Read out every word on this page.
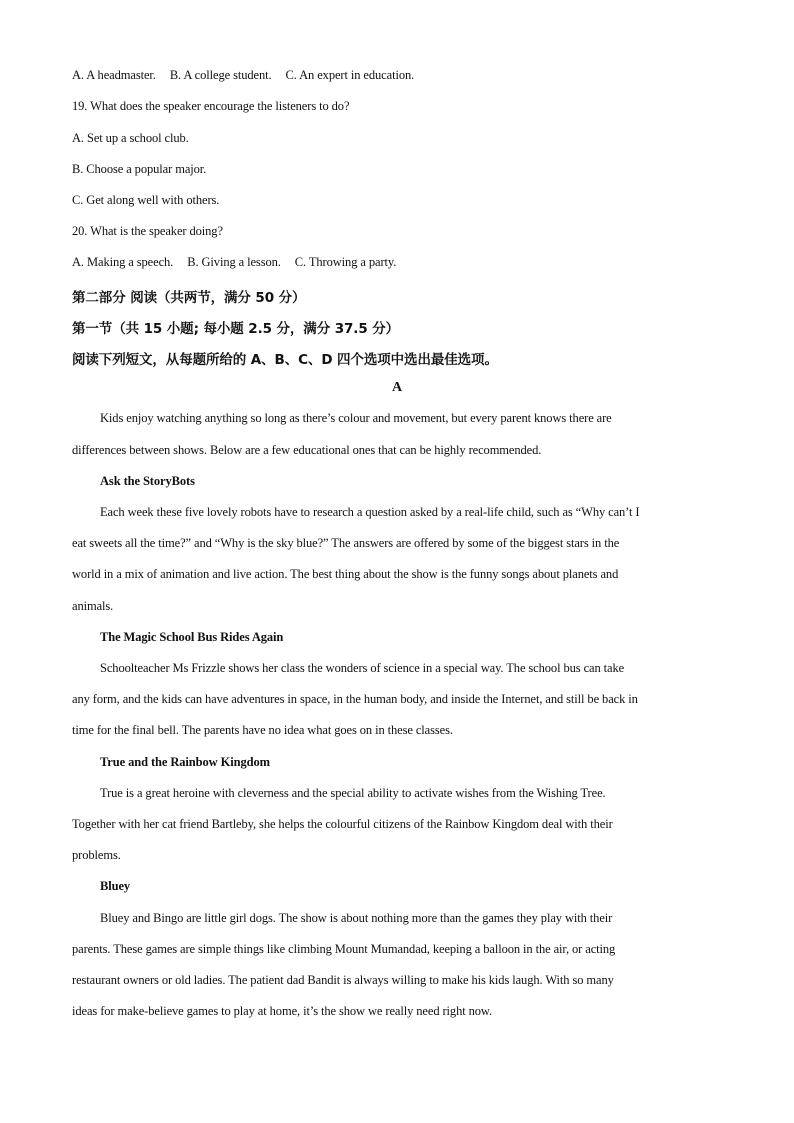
A. A headmaster. B. A college student. C. An expert in education.
19. What does the speaker encourage the listeners to do?
A. Set up a school club.
B. Choose a popular major.
C. Get along well with others.
20. What is the speaker doing?
A. Making a speech. B. Giving a lesson. C. Throwing a party.
第二部分 阅读（共两节，满分 50 分）
第一节（共 15 小题; 每小题 2.5 分，满分 37.5 分）
阅读下列短文，从每题所给的 A、B、C、D 四个选项中选出最佳选项。
A
Kids enjoy watching anything so long as there’s colour and movement, but every parent knows there are
differences between shows. Below are a few educational ones that can be highly recommended.
Ask the StoryBots
Each week these five lovely robots have to research a question asked by a real-life child, such as “Why can’t I
eat sweets all the time?” and “Why is the sky blue?” The answers are offered by some of the biggest stars in the
world in a mix of animation and live action. The best thing about the show is the funny songs about planets and
animals.
The Magic School Bus Rides Again
Schoolteacher Ms Frizzle shows her class the wonders of science in a special way. The school bus can take
any form, and the kids can have adventures in space, in the human body, and inside the Internet, and still be back in
time for the final bell. The parents have no idea what goes on in these classes.
True and the Rainbow Kingdom
True is a great heroine with cleverness and the special ability to activate wishes from the Wishing Tree.
Together with her cat friend Bartleby, she helps the colourful citizens of the Rainbow Kingdom deal with their
problems.
Bluey
Bluey and Bingo are little girl dogs. The show is about nothing more than the games they play with their
parents. These games are simple things like climbing Mount Mumandad, keeping a balloon in the air, or acting
restaurant owners or old ladies. The patient dad Bandit is always willing to make his kids laugh. With so many
ideas for make-believe games to play at home, it’s the show we really need right now.
